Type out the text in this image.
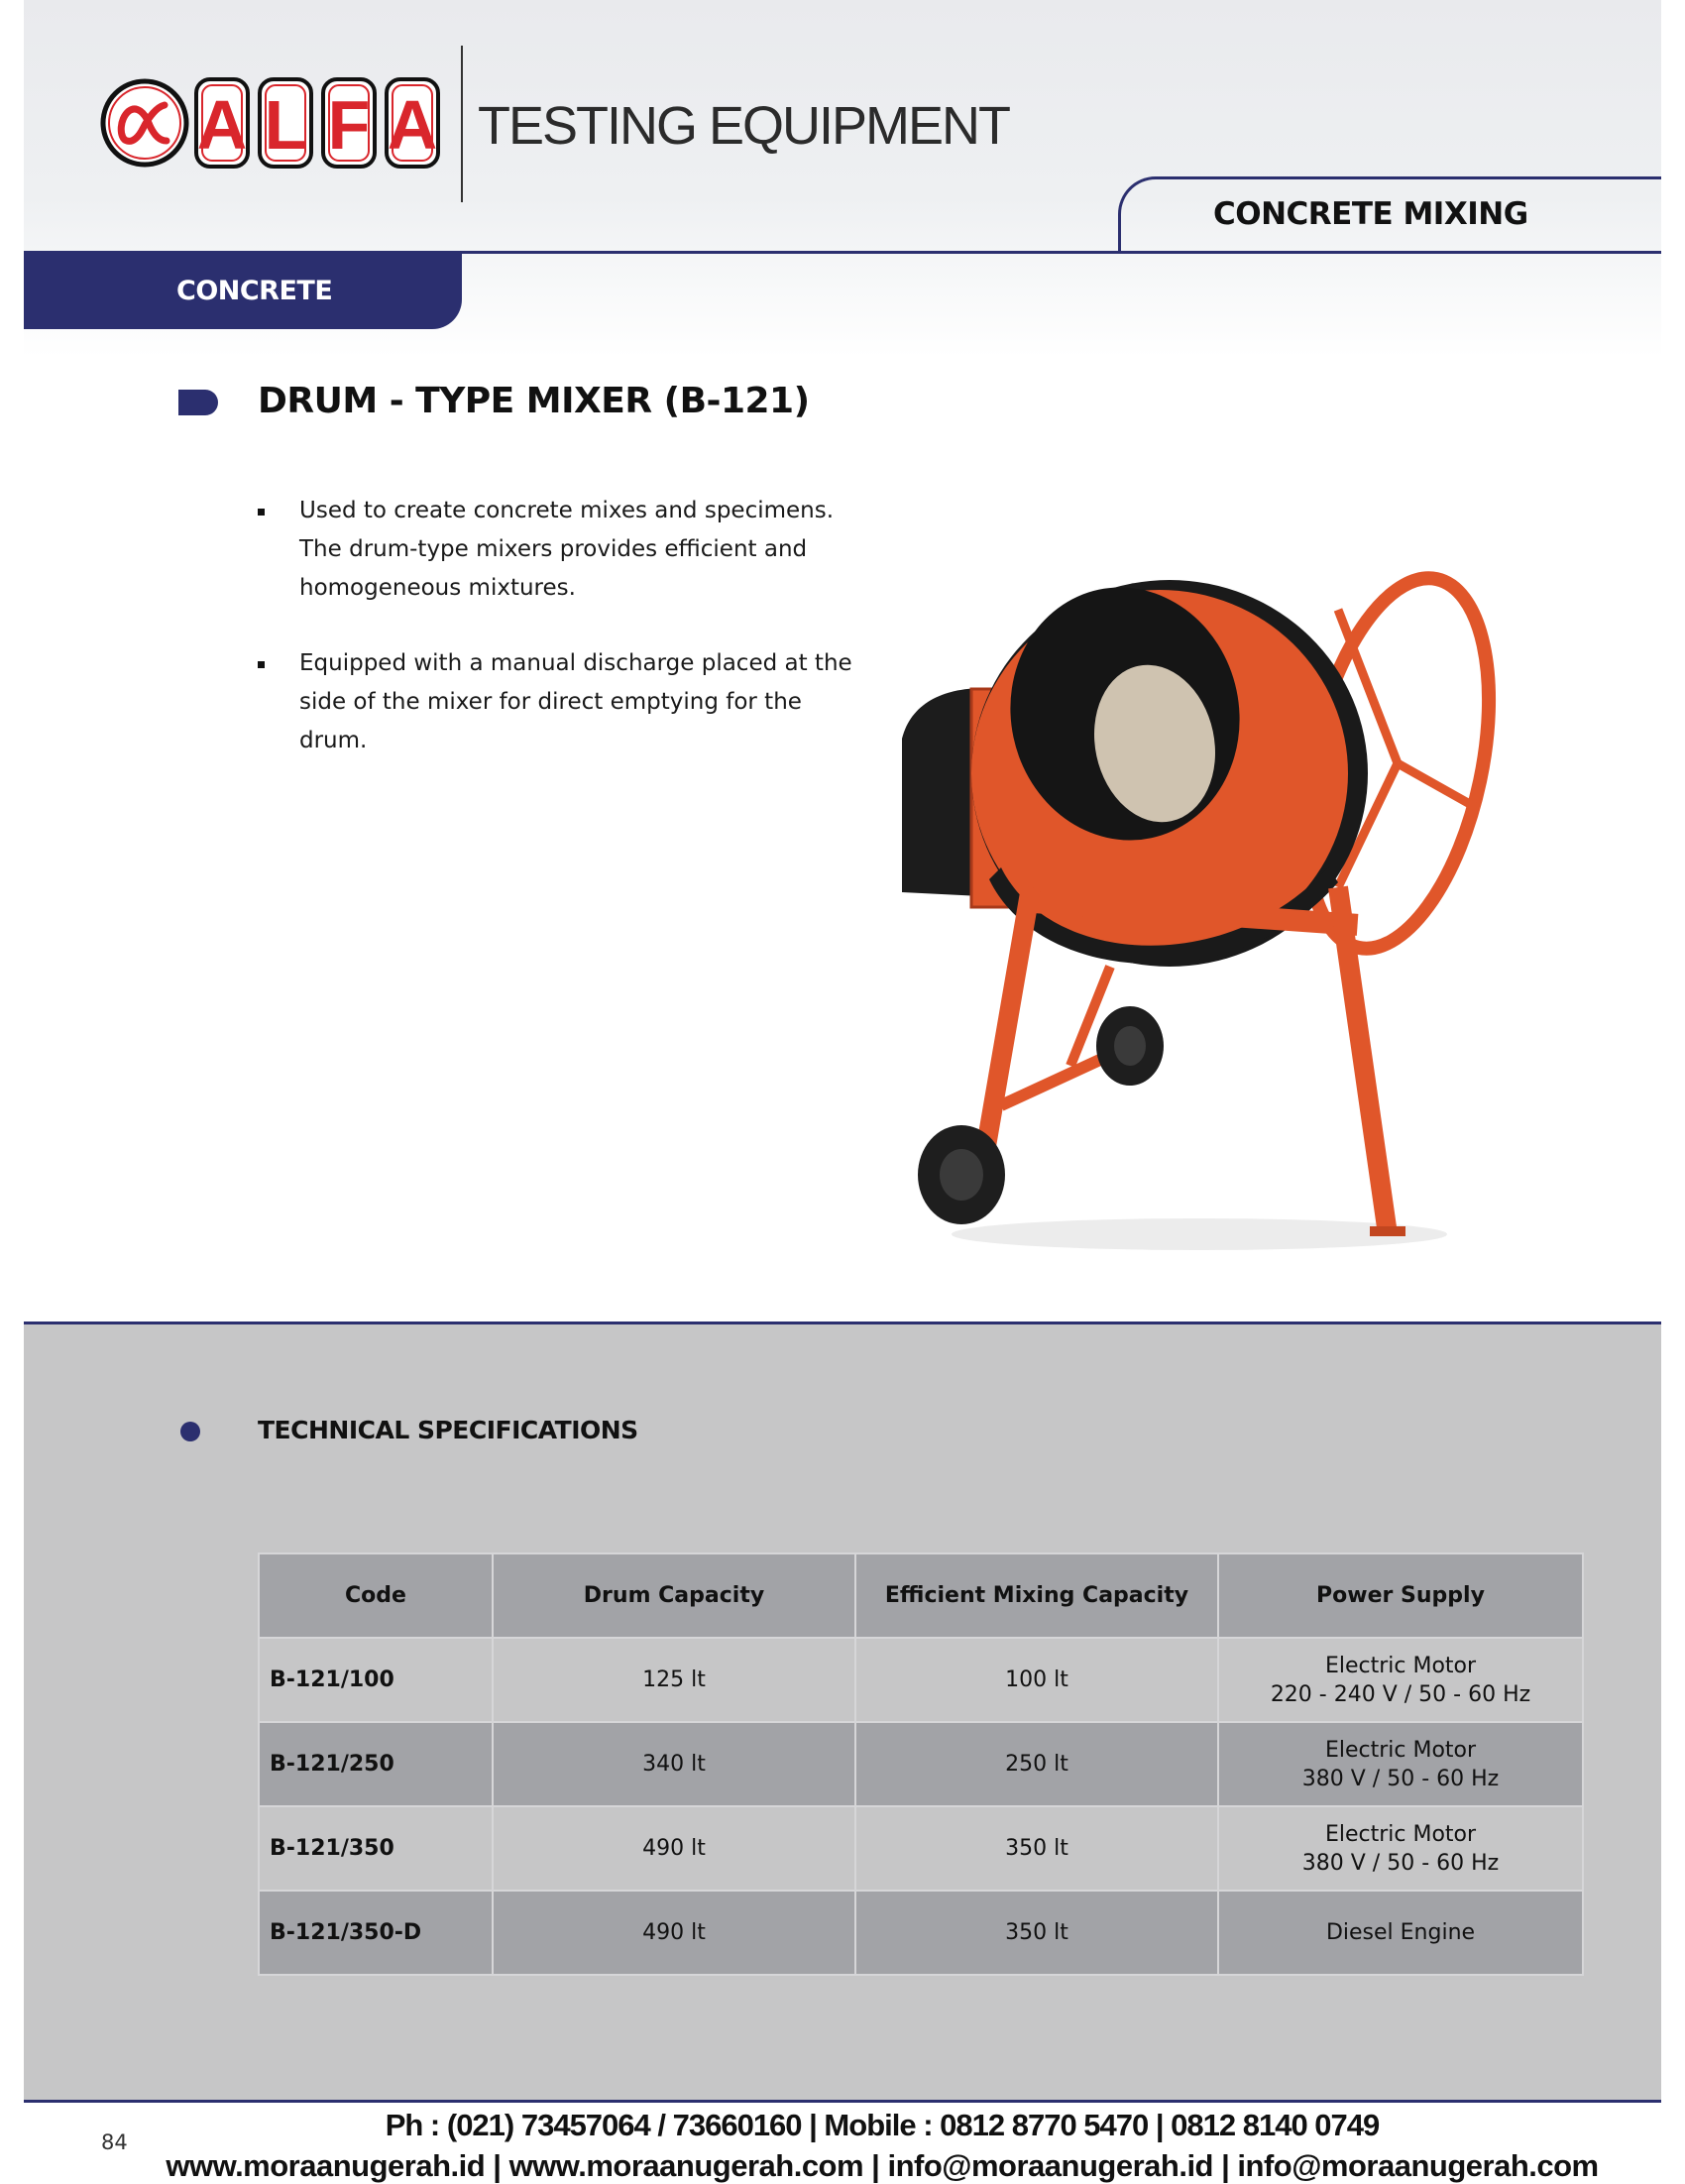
A L F A TESTING EQUIPMENT
CONCRETE MIXING
CONCRETE
DRUM - TYPE MIXER (B-121)
Used to create concrete mixes and specimens. The drum-type mixers provides efficient and homogeneous mixtures.
Equipped with a manual discharge placed at the side of the mixer for direct emptying for the drum.
TECHNICAL SPECIFICATIONS
Code	Drum Capacity	Efficient Mixing Capacity	Power Supply
B-121/100	125 lt	100 lt	Electric Motor
220 - 240 V / 50 - 60 Hz

B-121/250	340 lt	250 lt	Electric Motor
380 V / 50 - 60 Hz

B-121/350	490 lt	350 lt	Electric Motor
380 V / 50 - 60 Hz

B-121/350-D	490 lt	350 lt	Diesel Engine
84	Ph : (021) 73457064 / 73660160 | Mobile : 0812 8770 5470 | 0812 8140 0749
www.moraanugerah.id | www.moraanugerah.com | info@moraanugerah.id | info@moraanugerah.com
